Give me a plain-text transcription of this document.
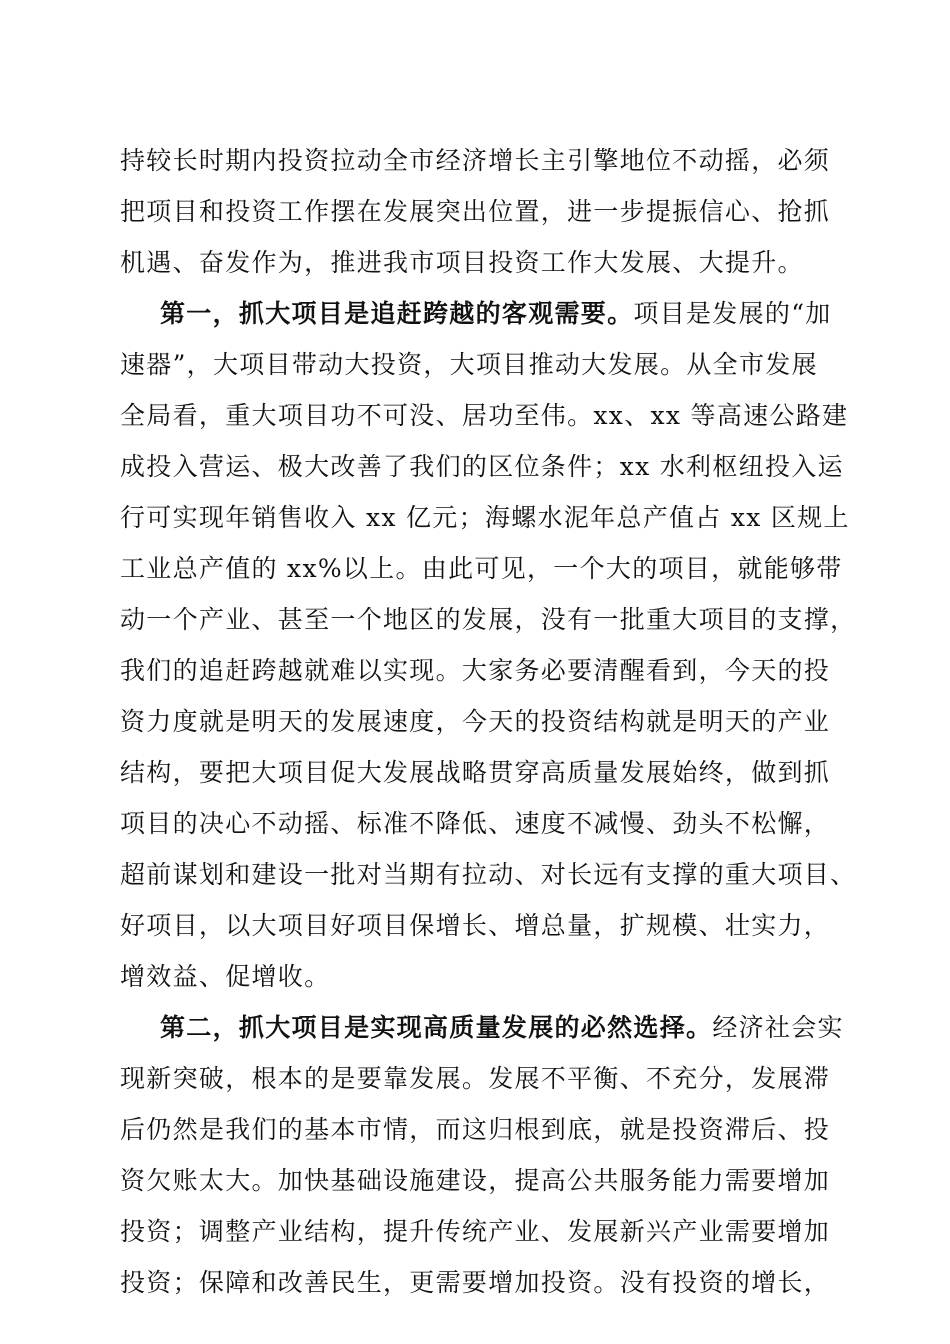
持较长时期内投资拉动全市经济增长主引擎地位不动摇，必须
把项目和投资工作摆在发展突出位置，进一步提振信心、抢抓
机遇、奋发作为，推进我市项目投资工作大发展、大提升。
第一，抓大项目是追赶跨越的客观需要。项目是发展的“加
速器”，大项目带动大投资，大项目推动大发展。从全市发展
全局看，重大项目功不可没、居功至伟。xx、xx 等高速公路建
成投入营运、极大改善了我们的区位条件；xx 水利枢纽投入运
行可实现年销售收入 xx 亿元；海螺水泥年总产值占 xx 区规上
工业总产值的 xx%以上。由此可见，一个大的项目，就能够带
动一个产业、甚至一个地区的发展，没有一批重大项目的支撑，
我们的追赶跨越就难以实现。大家务必要清醒看到，今天的投
资力度就是明天的发展速度，今天的投资结构就是明天的产业
结构，要把大项目促大发展战略贯穿高质量发展始终，做到抓
项目的决心不动摇、标准不降低、速度不减慢、劲头不松懈，
超前谋划和建设一批对当期有拉动、对长远有支撑的重大项目、
好项目，以大项目好项目保增长、增总量，扩规模、壮实力，
增效益、促增收。
第二，抓大项目是实现高质量发展的必然选择。经济社会实
现新突破，根本的是要靠发展。发展不平衡、不充分，发展滞
后仍然是我们的基本市情，而这归根到底，就是投资滞后、投
资欠账太大。加快基础设施建设，提高公共服务能力需要增加
投资；调整产业结构，提升传统产业、发展新兴产业需要增加
投资；保障和改善民生，更需要增加投资。没有投资的增长，
